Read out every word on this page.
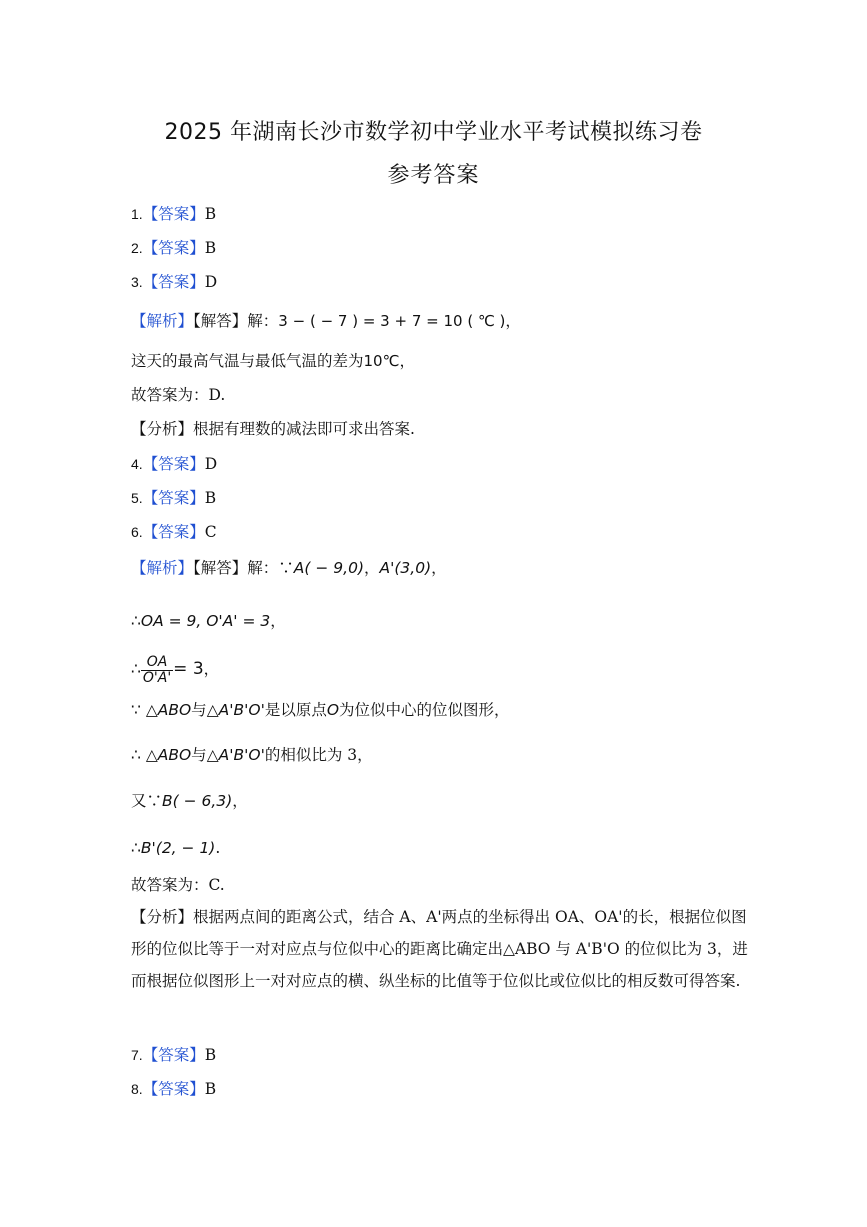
2025 年湖南长沙市数学初中学业水平考试模拟练习卷
参考答案
1.【答案】B
2.【答案】B
3.【答案】D
【解析】【解答】解：3 − ( − 7 ) = 3 + 7 = 10 ( ℃ )，
这天的最高气温与最低气温的差为10℃，
故答案为：D.
【分析】根据有理数的减法即可求出答案.
4.【答案】D
5.【答案】B
6.【答案】C
【解析】【解答】解：∵A( − 9,0)，A'(3,0)，
∴OA = 9, O'A' = 3，
∴ $\frac{OA}{O'A'} = 3$，
∵ △ABO与△A'B'O'是以原点O为位似中心的位似图形，
∴ △ABO与△A'B'O'的相似比为 3，
又∵B( − 6,3)，
∴B'(2, − 1).
故答案为：C.
【分析】根据两点间的距离公式，结合 A、A'两点的坐标得出 OA、OA'的长，根据位似图形的位似比等于一对对应点与位似中心的距离比确定出△ABO 与 A'B'O 的位似比为 3，进而根据位似图形上一对对应点的横、纵坐标的比值等于位似比或位似比的相反数可得答案.
7.【答案】B
8.【答案】B
